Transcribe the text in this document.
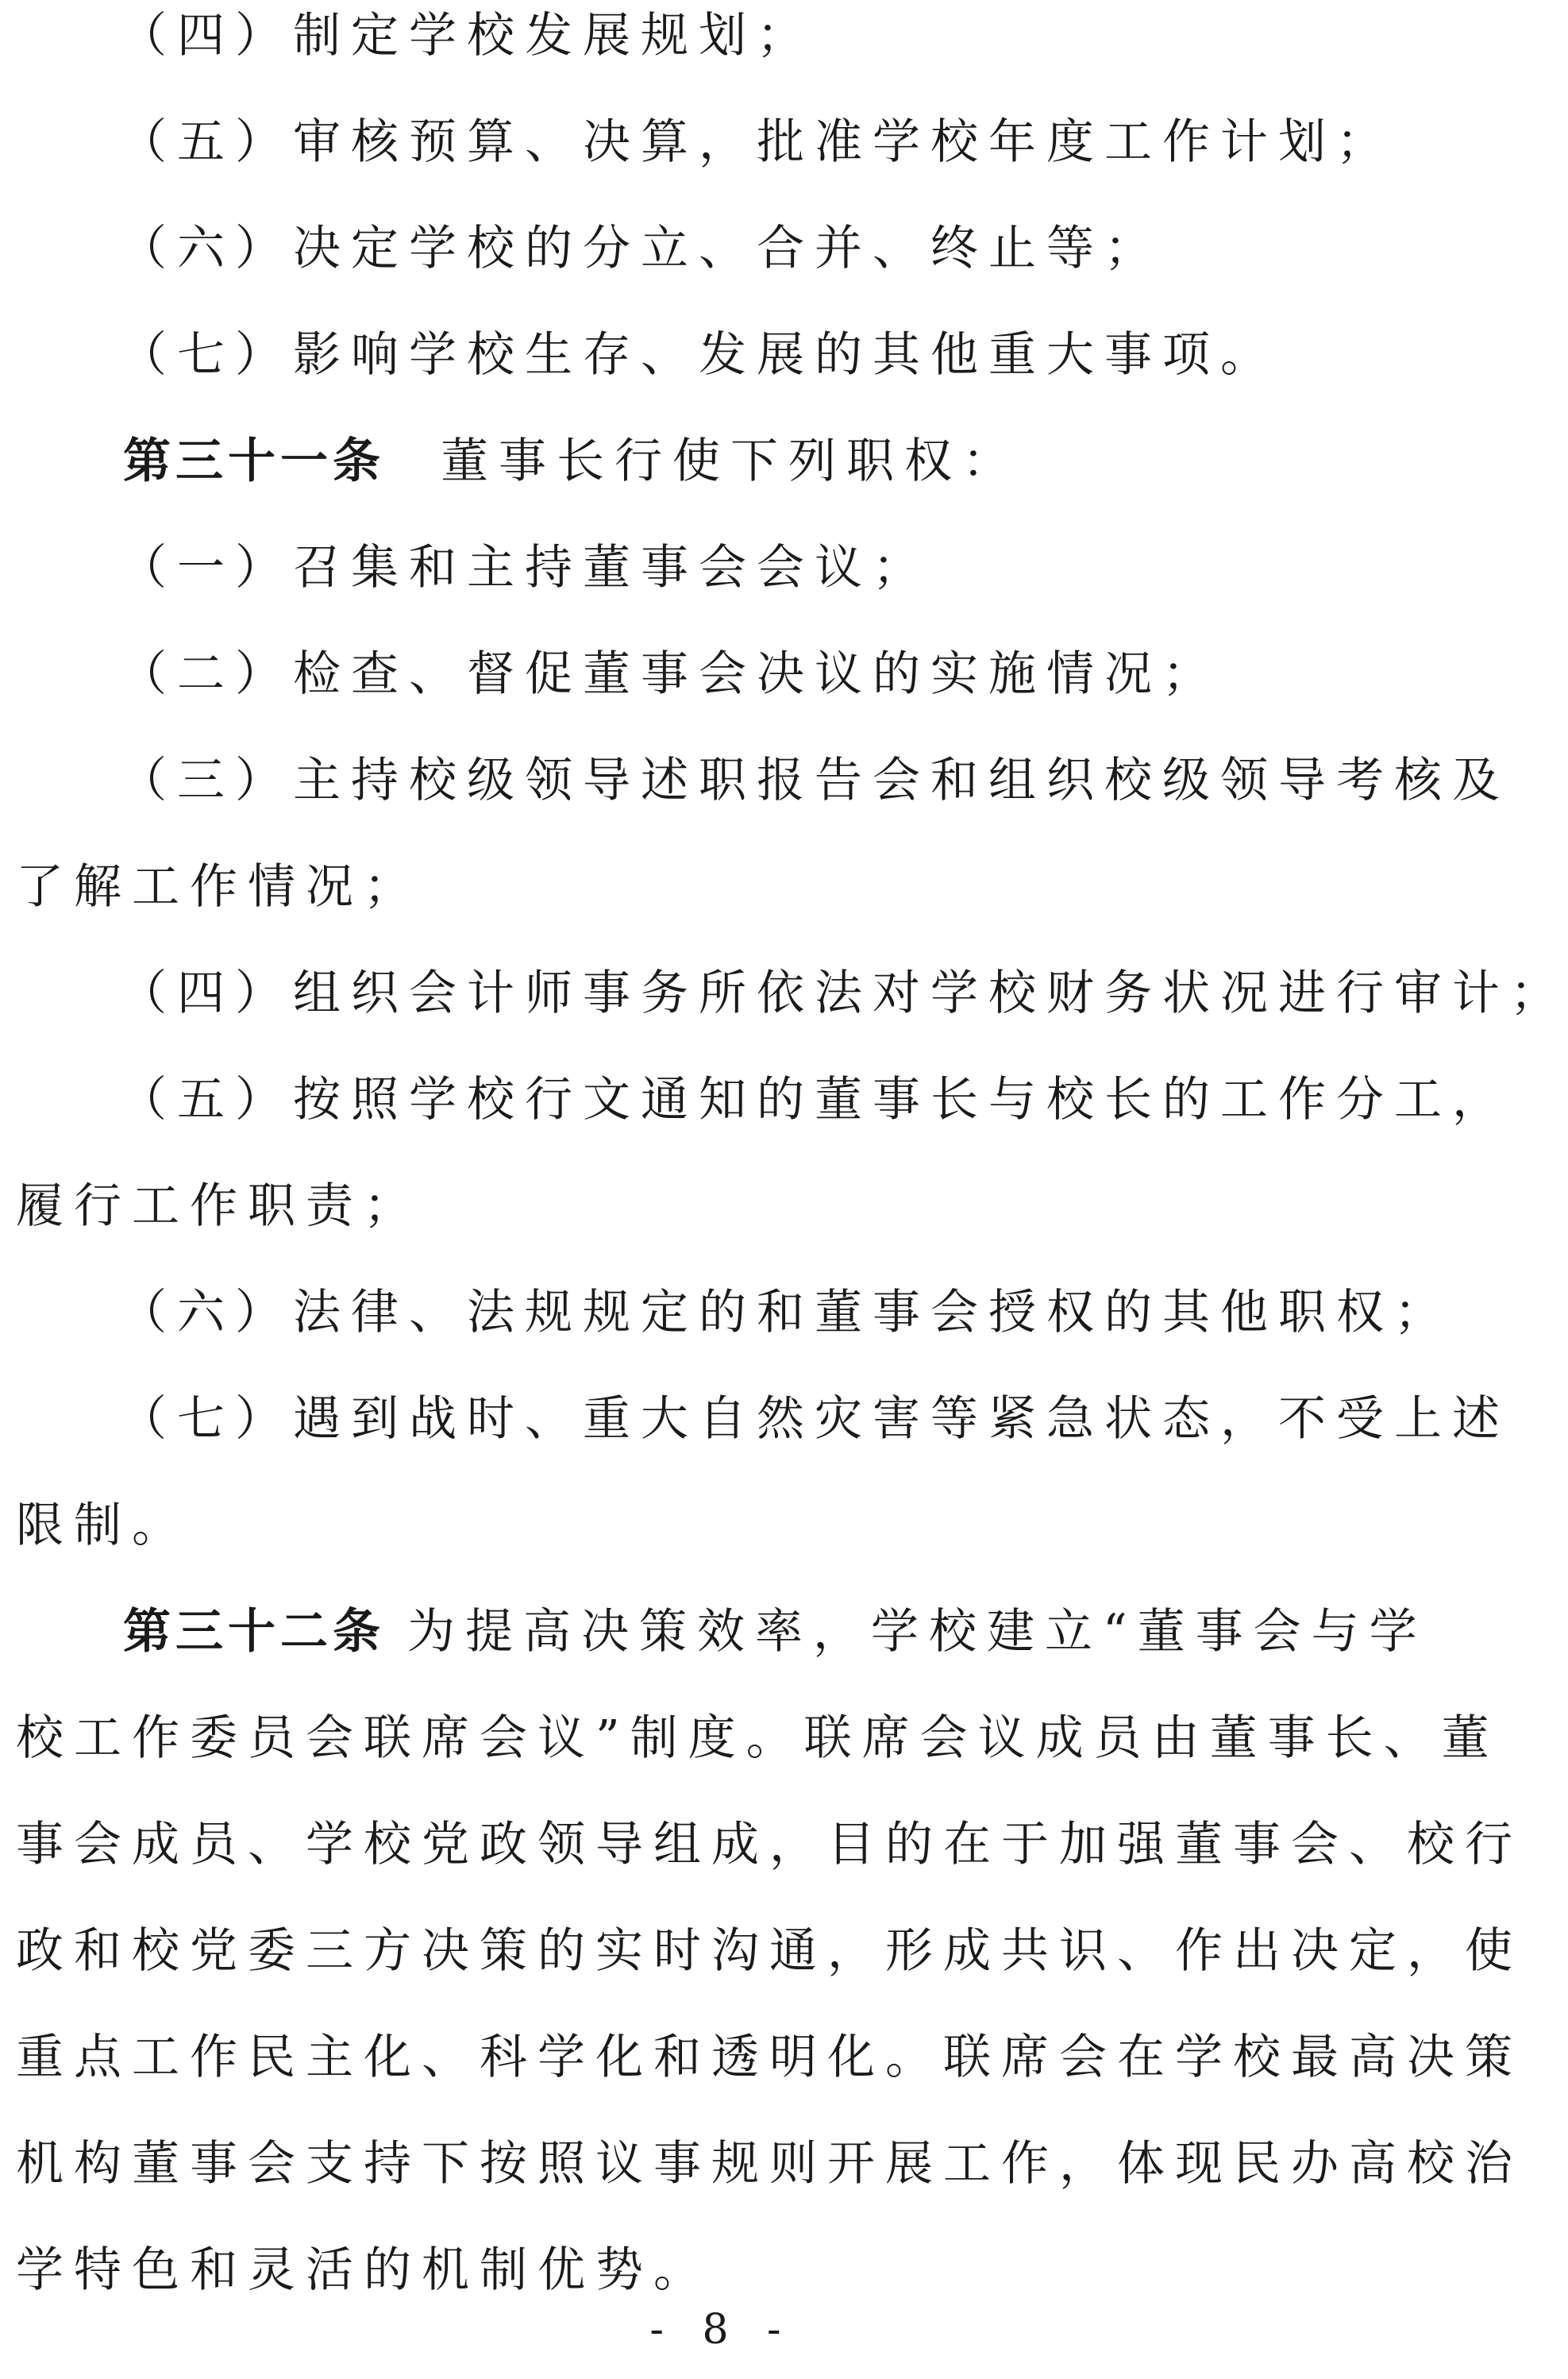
（四）制定学校发展规划；
（五）审核预算、决算，批准学校年度工作计划；
（六）决定学校的分立、合并、终止等；
（七）影响学校生存、发展的其他重大事项。
第三十一条 董事长行使下列职权：
（一）召集和主持董事会会议；
（二）检查、督促董事会决议的实施情况；
（三）主持校级领导述职报告会和组织校级领导考核及
了解工作情况；
（四）组织会计师事务所依法对学校财务状况进行审计；
（五）按照学校行文通知的董事长与校长的工作分工，
履行工作职责；
（六）法律、法规规定的和董事会授权的其他职权；
（七）遇到战时、重大自然灾害等紧急状态，不受上述
限制。
第三十二条 为提高决策效率，学校建立“董事会与学
校工作委员会联席会议”制度。联席会议成员由董事长、董
事会成员、学校党政领导组成，目的在于加强董事会、校行
政和校党委三方决策的实时沟通，形成共识、作出决定，使
重点工作民主化、科学化和透明化。联席会在学校最高决策
机构董事会支持下按照议事规则开展工作，体现民办高校治
学特色和灵活的机制优势。
- 8 -
